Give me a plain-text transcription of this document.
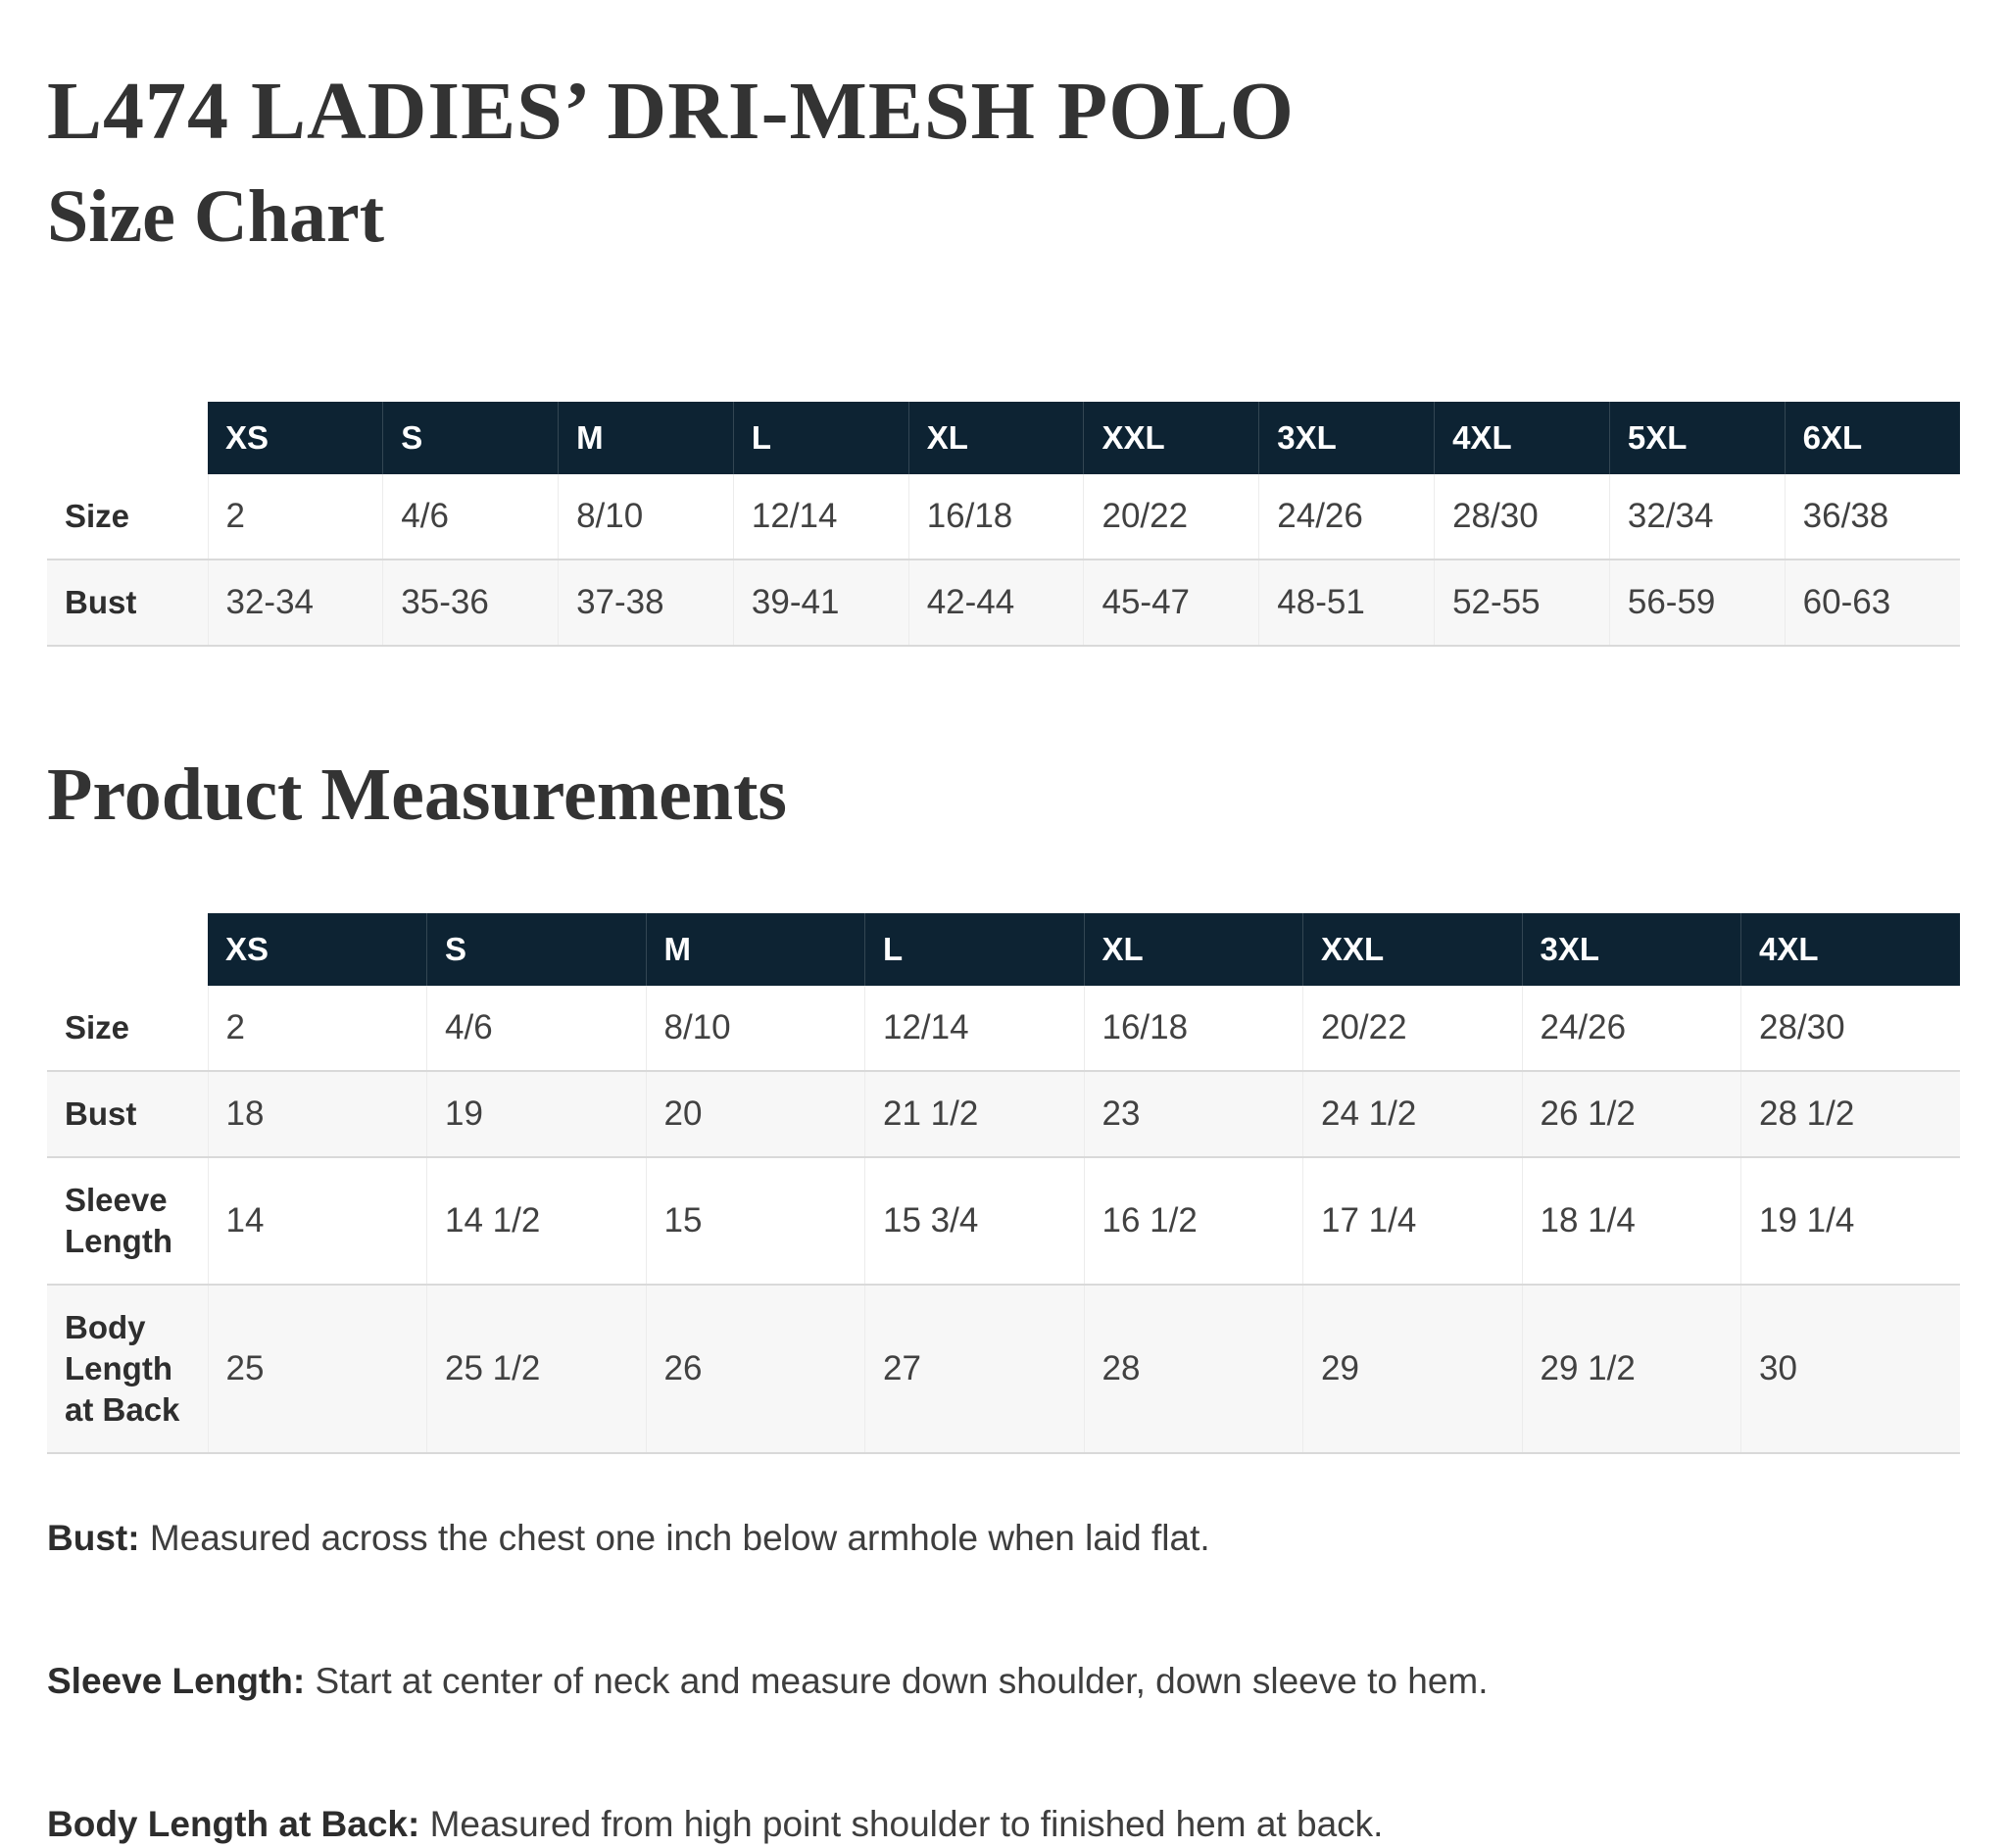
L474 LADIES’ DRI-MESH POLO
Size Chart
	XS	S	M	L	XL	XXL	3XL	4XL	5XL	6XL
Size	2	4/6	8/10	12/14	16/18	20/22	24/26	28/30	32/34	36/38
Bust	32-34	35-36	37-38	39-41	42-44	45-47	48-51	52-55	56-59	60-63
Product Measurements
	XS	S	M	L	XL	XXL	3XL	4XL
Size	2	4/6	8/10	12/14	16/18	20/22	24/26	28/30
Bust	18	19	20	21 1/2	23	24 1/2	26 1/2	28 1/2
Sleeve Length	14	14 1/2	15	15 3/4	16 1/2	17 1/4	18 1/4	19 1/4
Body Length at Back	25	25 1/2	26	27	28	29	29 1/2	30

Bust: Measured across the chest one inch below armhole when laid flat.

Sleeve Length: Start at center of neck and measure down shoulder, down sleeve to hem.

Body Length at Back: Measured from high point shoulder to finished hem at back.
